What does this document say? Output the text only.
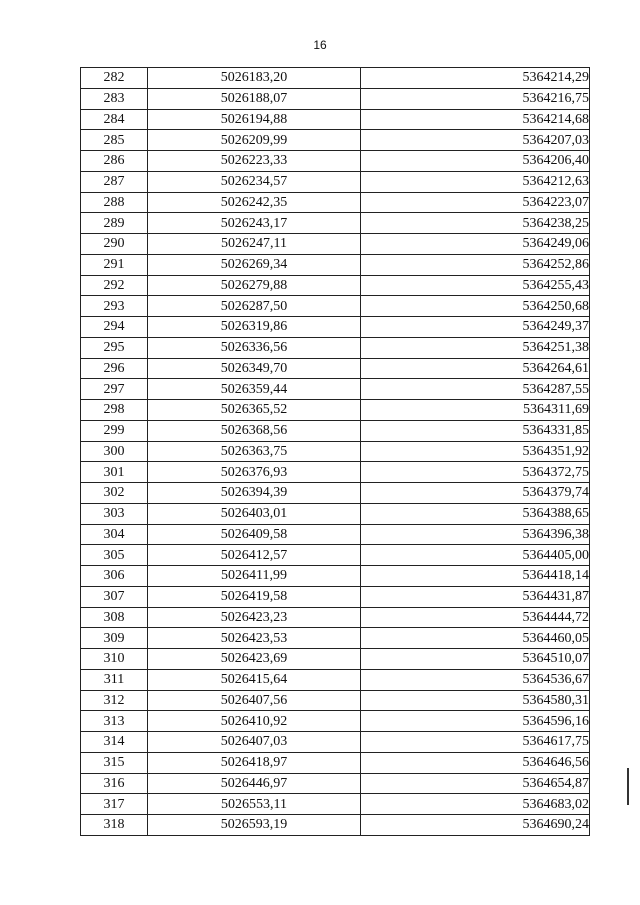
16
282	5026183,20	5364214,29
283	5026188,07	5364216,75
284	5026194,88	5364214,68
285	5026209,99	5364207,03
286	5026223,33	5364206,40
287	5026234,57	5364212,63
288	5026242,35	5364223,07
289	5026243,17	5364238,25
290	5026247,11	5364249,06
291	5026269,34	5364252,86
292	5026279,88	5364255,43
293	5026287,50	5364250,68
294	5026319,86	5364249,37
295	5026336,56	5364251,38
296	5026349,70	5364264,61
297	5026359,44	5364287,55
298	5026365,52	5364311,69
299	5026368,56	5364331,85
300	5026363,75	5364351,92
301	5026376,93	5364372,75
302	5026394,39	5364379,74
303	5026403,01	5364388,65
304	5026409,58	5364396,38
305	5026412,57	5364405,00
306	5026411,99	5364418,14
307	5026419,58	5364431,87
308	5026423,23	5364444,72
309	5026423,53	5364460,05
310	5026423,69	5364510,07
311	5026415,64	5364536,67
312	5026407,56	5364580,31
313	5026410,92	5364596,16
314	5026407,03	5364617,75
315	5026418,97	5364646,56
316	5026446,97	5364654,87
317	5026553,11	5364683,02
318	5026593,19	5364690,24
